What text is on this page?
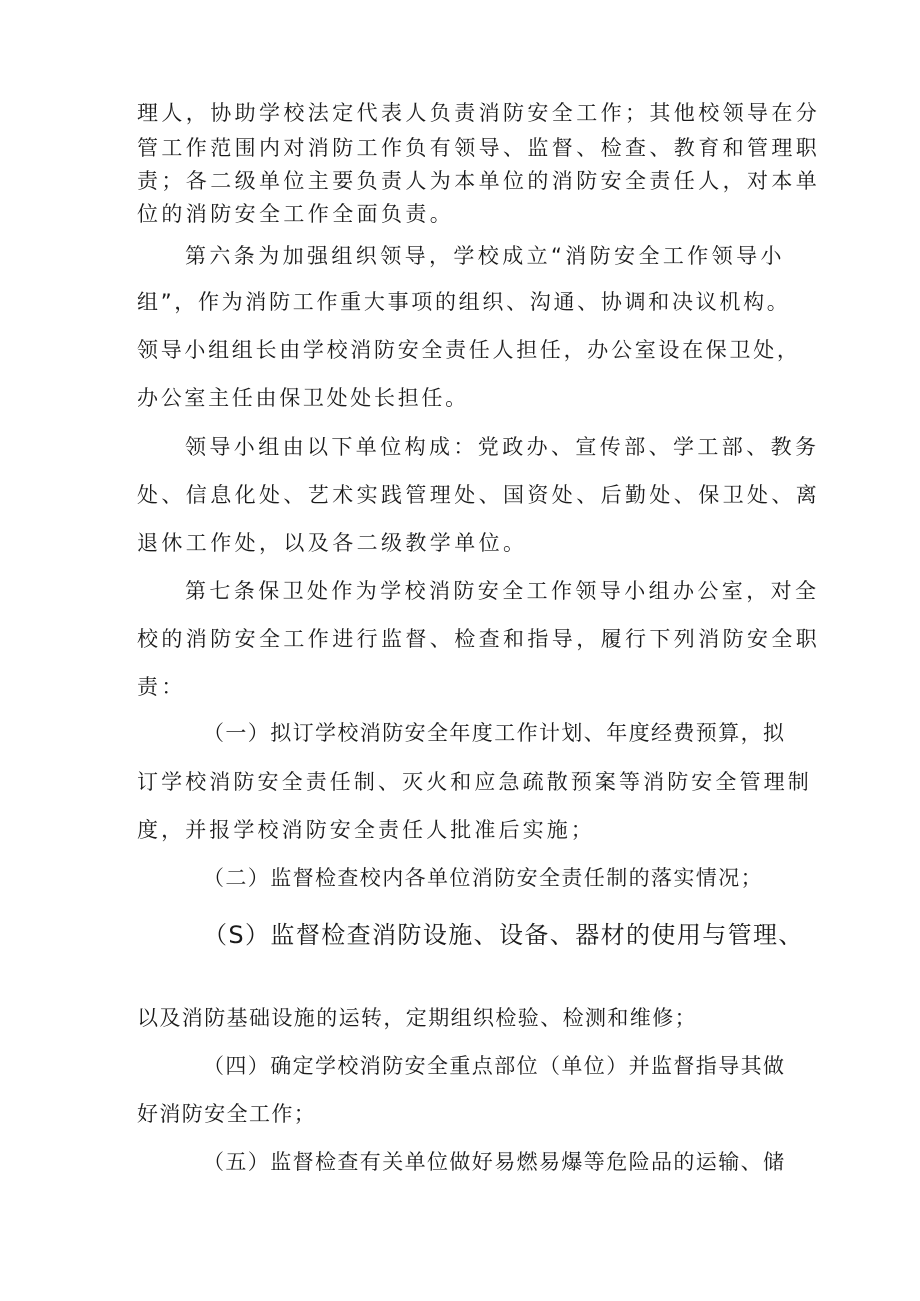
理人，协助学校法定代表人负责消防安全工作；其他校领导在分
管工作范围内对消防工作负有领导、监督、检查、教育和管理职
责；各二级单位主要负责人为本单位的消防安全责任人，对本单
位的消防安全工作全面负责。
第六条为加强组织领导，学校成立“消防安全工作领导小
组”，作为消防工作重大事项的组织、沟通、协调和决议机构。
领导小组组长由学校消防安全责任人担任，办公室设在保卫处，
办公室主任由保卫处处长担任。
领导小组由以下单位构成：党政办、宣传部、学工部、教务
处、信息化处、艺术实践管理处、国资处、后勤处、保卫处、离
退休工作处，以及各二级教学单位。
第七条保卫处作为学校消防安全工作领导小组办公室，对全
校的消防安全工作进行监督、检查和指导，履行下列消防安全职
责：
（一）拟订学校消防安全年度工作计划、年度经费预算，拟
订学校消防安全责任制、灭火和应急疏散预案等消防安全管理制
度，并报学校消防安全责任人批准后实施；
（二）监督检查校内各单位消防安全责任制的落实情况；
（S）监督检查消防设施、设备、器材的使用与管理、
以及消防基础设施的运转，定期组织检验、检测和维修；
（四）确定学校消防安全重点部位（单位）并监督指导其做
好消防安全工作；
（五）监督检查有关单位做好易燃易爆等危险品的运输、储
